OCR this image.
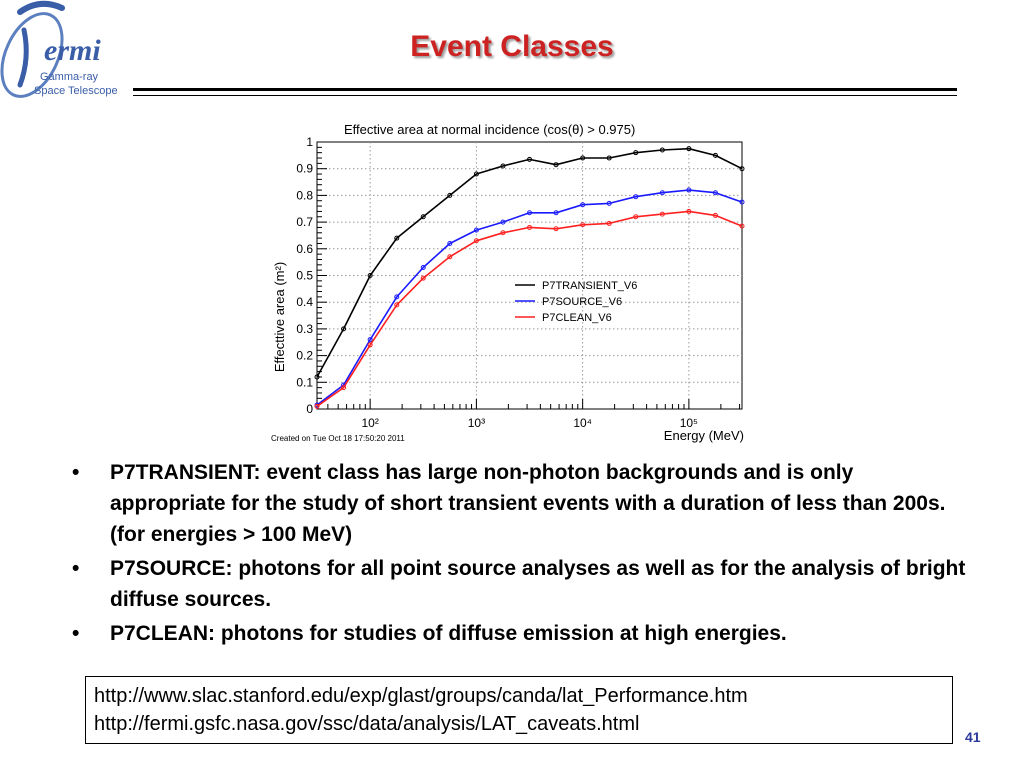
ermi
Gamma-ray
Space Telescope
Event Classes
Effective area at normal incidence (cos(θ) > 0.975)
Effecttive area (m²)
Energy (MeV)
Created on Tue Oct 18 17:50:20 2011
0
0.1
0.2
0.3
0.4
0.5
0.6
0.7
0.8
0.9
1
10²	10³	10⁴	10⁵
P7TRANSIENT_V6
P7SOURCE_V6
P7CLEAN_V6
• P7TRANSIENT: event class has large non-photon backgrounds and is only appropriate for the study of short transient events with a duration of less than 200s. (for energies > 100 MeV)
• P7SOURCE: photons for all point source analyses as well as for the analysis of bright diffuse sources.
• P7CLEAN: photons for studies of diffuse emission at high energies.
http://www.slac.stanford.edu/exp/glast/groups/canda/lat_Performance.htm
http://fermi.gsfc.nasa.gov/ssc/data/analysis/LAT_caveats.html
41
